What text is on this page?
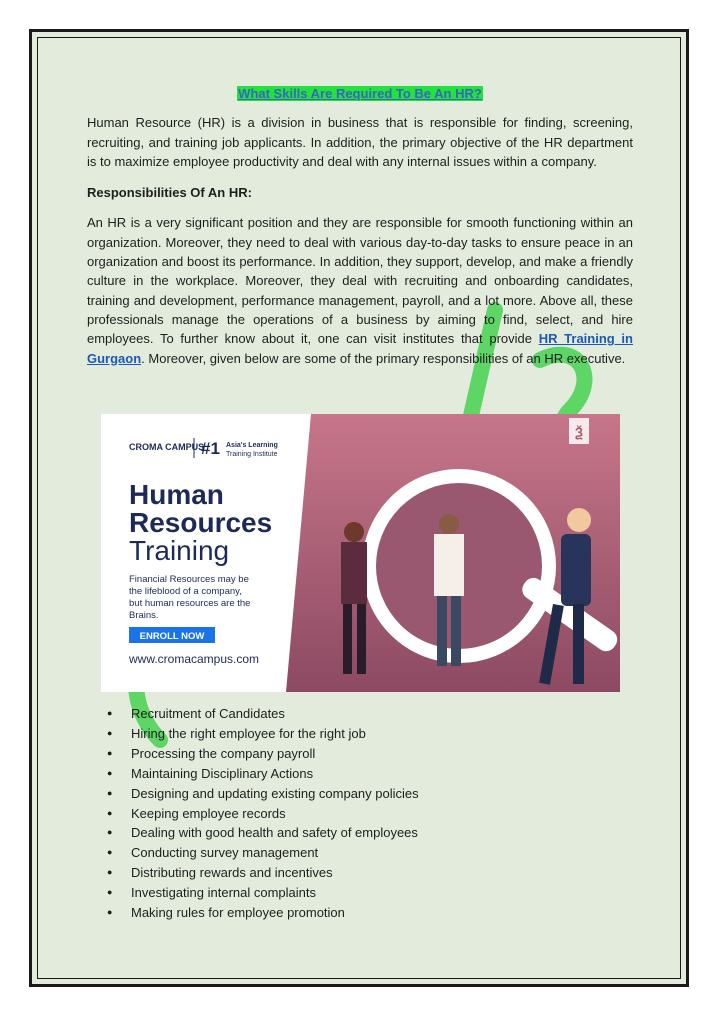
What Skills Are Required To Be An HR?

Human Resource (HR) is a division in business that is responsible for finding, screening, recruiting, and training job applicants. In addition, the primary objective of the HR department is to maximize employee productivity and deal with any internal issues within a company.

Responsibilities Of An HR:

An HR is a very significant position and they are responsible for smooth functioning within an organization. Moreover, they need to deal with various day-to-day tasks to ensure peace in an organization and boost its performance. In addition, they support, develop, and make a friendly culture in the workplace. Moreover, they deal with recruiting and onboarding candidates, training and development, performance management, payroll, and a lot more. Above all, these professionals manage the operations of a business by aiming to find, select, and hire employees. To further know about it, one can visit institutes that provide HR Training in Gurgaon. Moreover, given below are some of the primary responsibilities of an HR executive.

Ѯ
CROMA CAMPUS
#1 Asia's Learning
Training Institute
Human
Resources
Training
Financial Resources may be
the lifeblood of a company,
but human resources are the
Brains.
ENROLL NOW
www.cromacampus.com
● Recruitment of Candidates
● Hiring the right employee for the right job
● Processing the company payroll
● Maintaining Disciplinary Actions
● Designing and updating existing company policies
● Keeping employee records
● Dealing with good health and safety of employees
● Conducting survey management
● Distributing rewards and incentives
● Investigating internal complaints
● Making rules for employee promotion
